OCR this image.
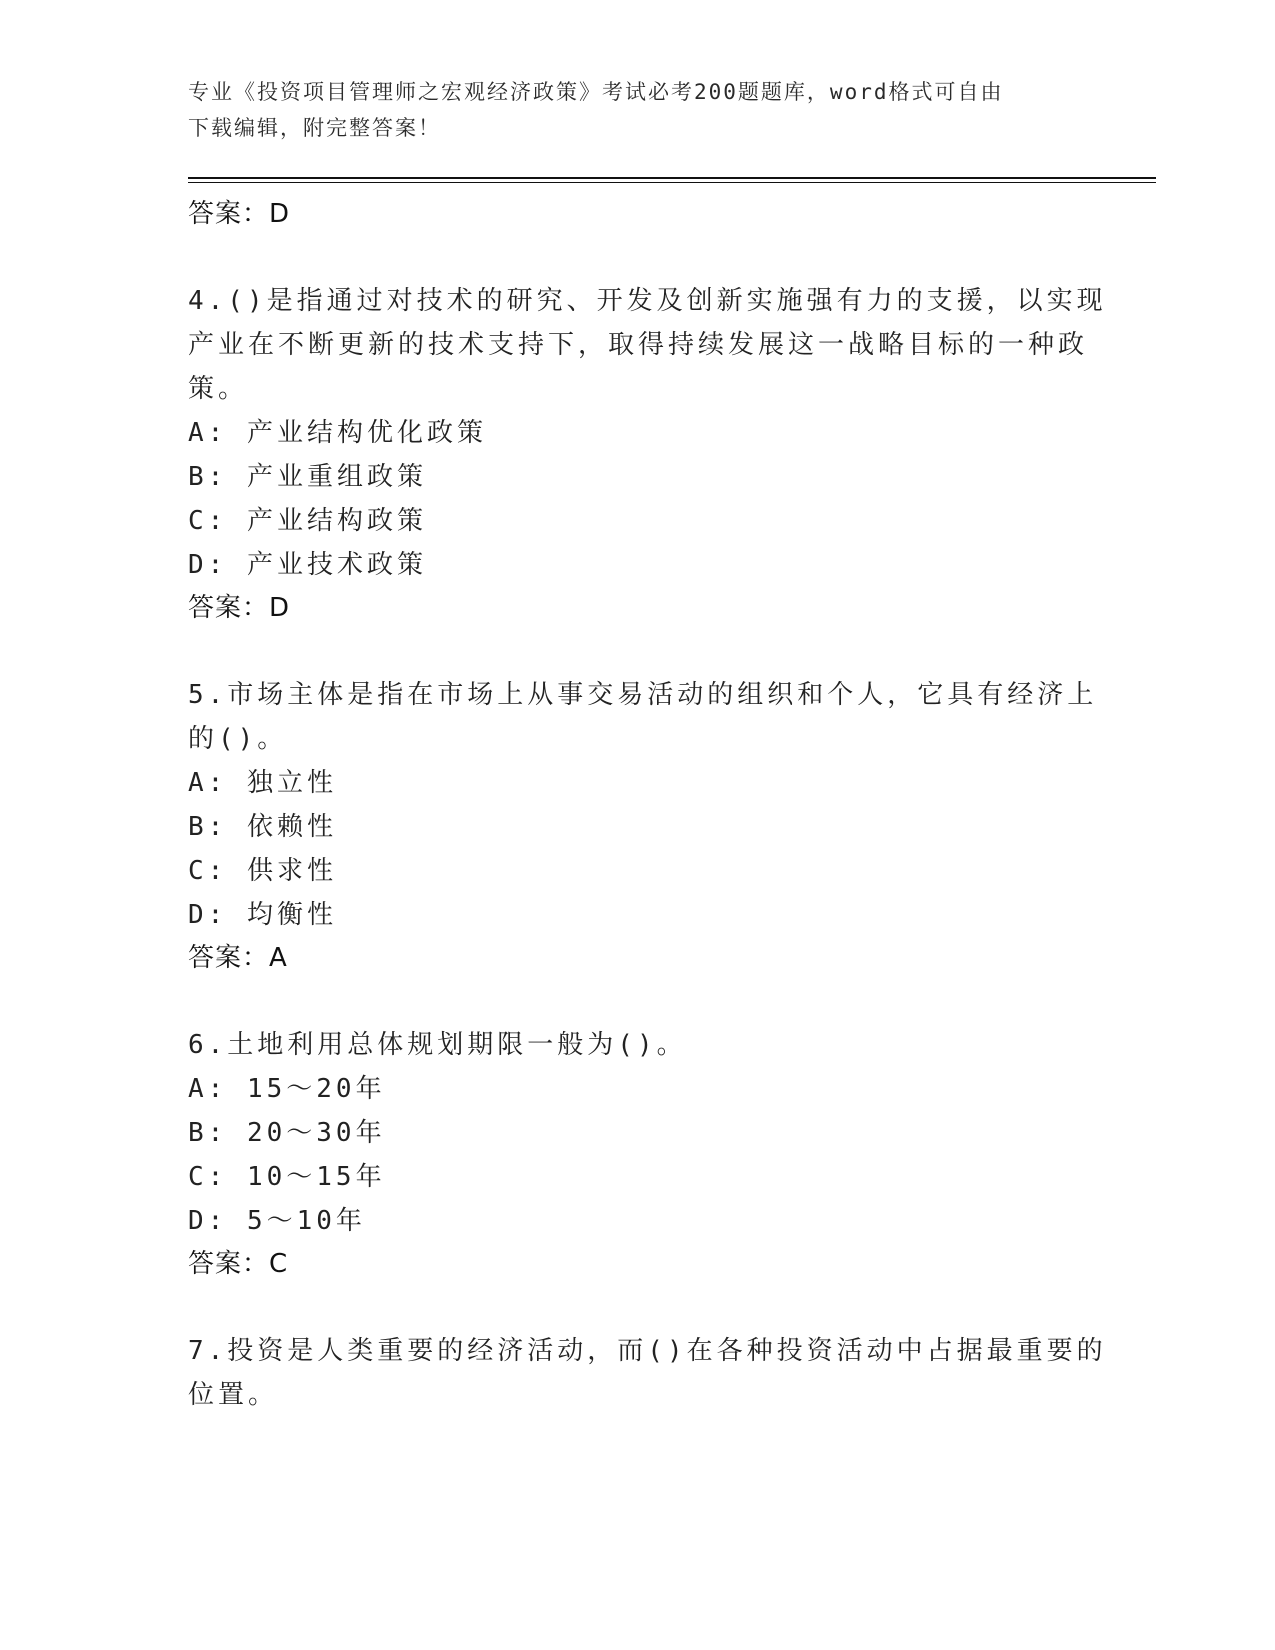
专业《投资项目管理师之宏观经济政策》考试必考200题题库，word格式可自由
下载编辑，附完整答案！
答案：D
4.()是指通过对技术的研究、开发及创新实施强有力的支援，以实现
产业在不断更新的技术支持下，取得持续发展这一战略目标的一种政
策。
A: 产业结构优化政策
B: 产业重组政策
C: 产业结构政策
D: 产业技术政策
答案：D
5.市场主体是指在市场上从事交易活动的组织和个人，它具有经济上
的()。
A: 独立性
B: 依赖性
C: 供求性
D: 均衡性
答案：A
6.土地利用总体规划期限一般为()。
A: 15～20年
B: 20～30年
C: 10～15年
D: 5～10年
答案：C
7.投资是人类重要的经济活动，而()在各种投资活动中占据最重要的
位置。
